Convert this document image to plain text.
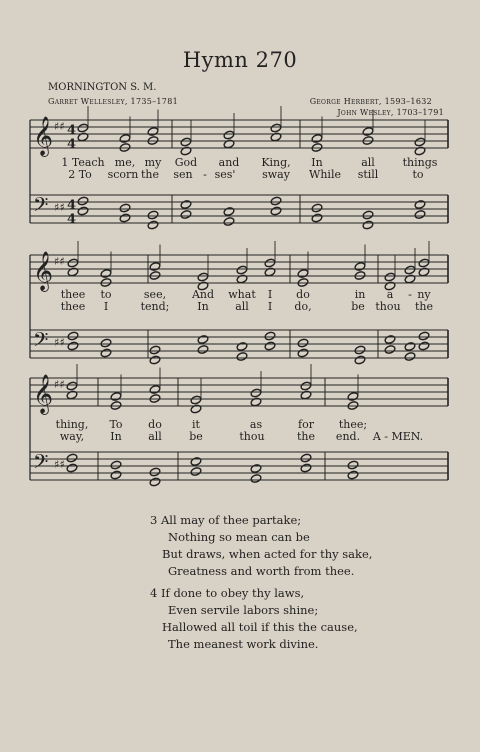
Hymn 270
MORNINGTON S. M.
Garret Wellesley, 1735–1781	George Herbert, 1593–1632
John Wesley, 1703–1791
𝄞
𝄢
♯♯
♯♯
4
4
4
4
𝄞
𝄢
♯♯
♯♯
𝄞
𝄢
♯♯
♯♯
1 Teach me, my God and King, In	all	things
2 To scorn the sen - ses' sway While still	to
thee to	see, And what I do	in a - ny
thee I	tend;	In all I do,	be thou the
thing, To do	it	as	for thee;
way, In all be	thou	the end. A - MEN.
3 All may of thee partake;
Nothing so mean can be
But draws, when acted for thy sake,
Greatness and worth from thee.
4 If done to obey thy laws,
Even servile labors shine;
Hallowed all toil if this the cause,
The meanest work divine.
